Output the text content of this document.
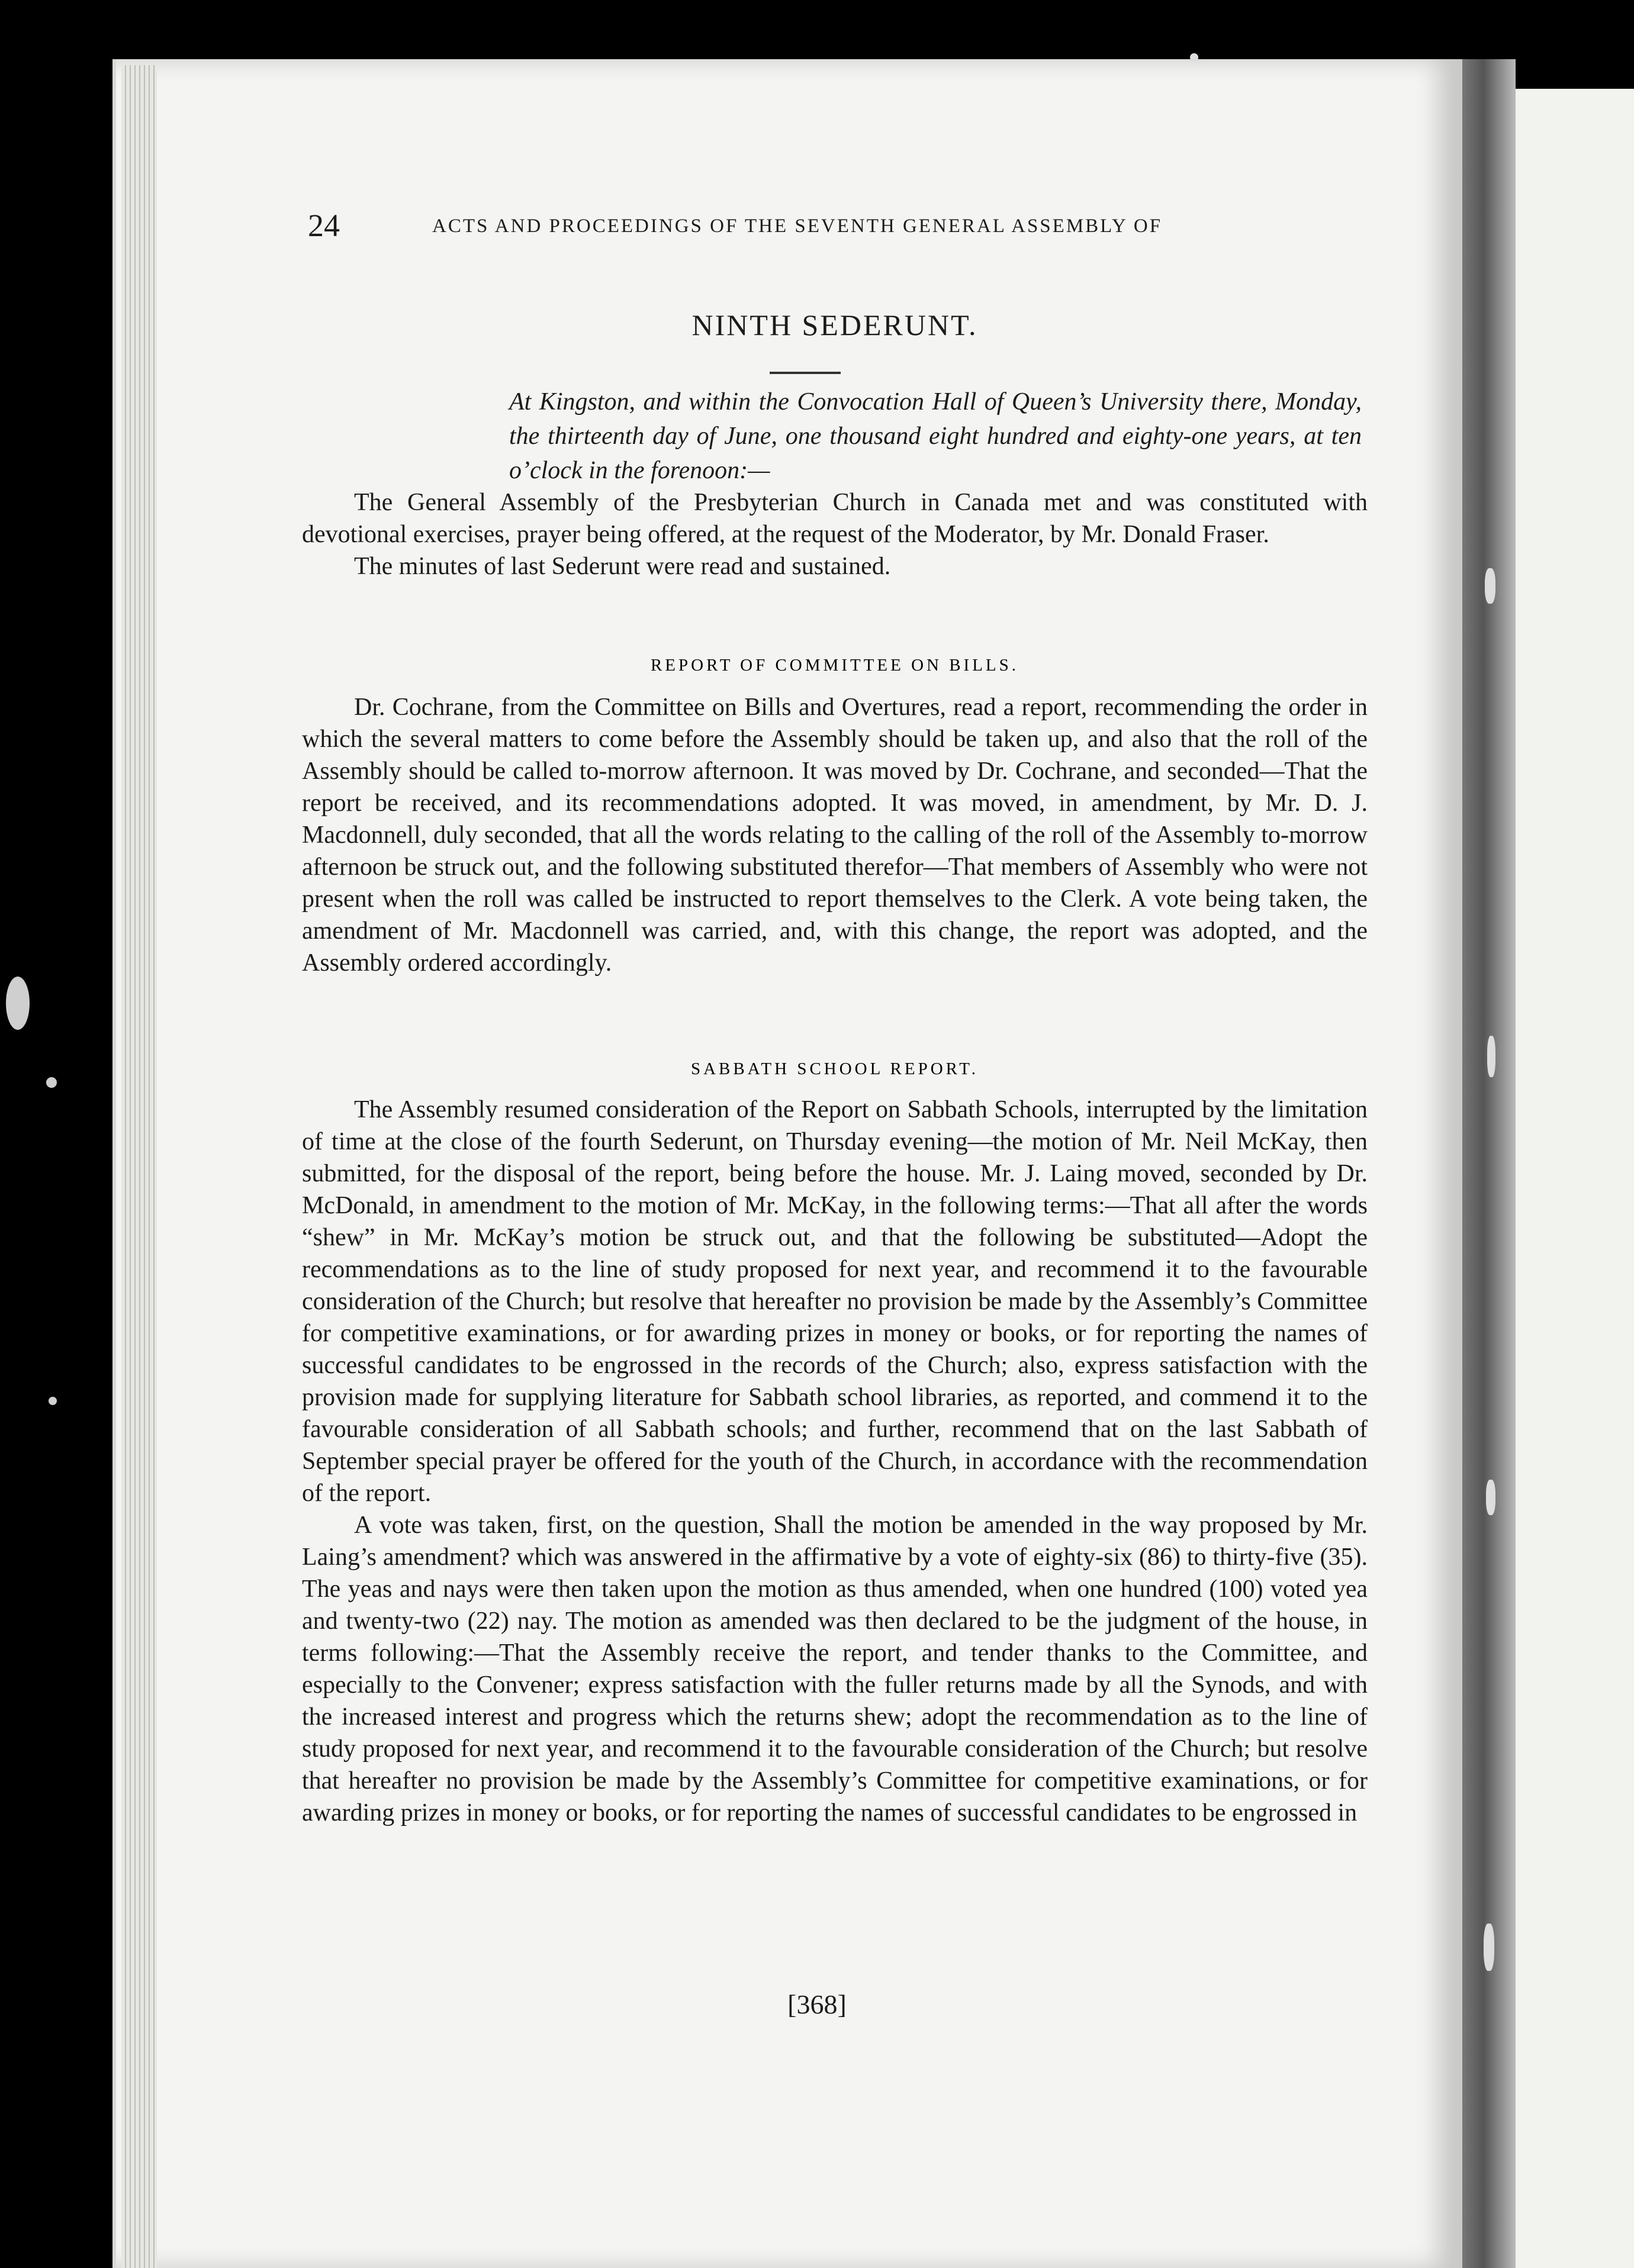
24	ACTS AND PROCEEDINGS OF THE SEVENTH GENERAL ASSEMBLY OF
NINTH SEDERUNT.
At Kingston, and within the Convocation Hall of Queen’s University there, Monday, the thirteenth day of June, one thousand eight hundred and eighty-one years, at ten o’clock in the forenoon:—

The General Assembly of the Presbyterian Church in Canada met and was constituted with devotional exercises, prayer being offered, at the request of the Moderator, by Mr. Donald Fraser.

The minutes of last Sederunt were read and sustained.

REPORT OF COMMITTEE ON BILLS.

Dr. Cochrane, from the Committee on Bills and Overtures, read a report, recommending the order in which the several matters to come before the Assembly should be taken up, and also that the roll of the Assembly should be called to-morrow afternoon. It was moved by Dr. Cochrane, and seconded—That the report be received, and its recommendations adopted. It was moved, in amendment, by Mr. D. J. Macdonnell, duly seconded, that all the words relating to the calling of the roll of the Assembly to-morrow afternoon be struck out, and the following substituted therefor—That members of Assembly who were not present when the roll was called be instructed to report themselves to the Clerk. A vote being taken, the amendment of Mr. Macdonnell was carried, and, with this change, the report was adopted, and the Assembly ordered accordingly.

SABBATH SCHOOL REPORT.

The Assembly resumed consideration of the Report on Sabbath Schools, interrupted by the limitation of time at the close of the fourth Sederunt, on Thursday evening—the motion of Mr. Neil McKay, then submitted, for the disposal of the report, being before the house. Mr. J. Laing moved, seconded by Dr. McDonald, in amendment to the motion of Mr. McKay, in the following terms:—That all after the words “shew” in Mr. McKay’s motion be struck out, and that the following be substituted—Adopt the recommendations as to the line of study proposed for next year, and recommend it to the favourable consideration of the Church; but resolve that hereafter no provision be made by the Assembly’s Committee for competitive examinations, or for awarding prizes in money or books, or for reporting the names of successful candidates to be engrossed in the records of the Church; also, express satisfaction with the provision made for supplying literature for Sabbath school libraries, as reported, and commend it to the favourable consideration of all Sabbath schools; and further, recommend that on the last Sabbath of September special prayer be offered for the youth of the Church, in accordance with the recommendation of the report.

A vote was taken, first, on the question, Shall the motion be amended in the way proposed by Mr. Laing’s amendment? which was answered in the affirmative by a vote of eighty-six (86) to thirty-five (35). The yeas and nays were then taken upon the motion as thus amended, when one hundred (100) voted yea and twenty-two (22) nay. The motion as amended was then declared to be the judgment of the house, in terms following:—That the Assembly receive the report, and tender thanks to the Committee, and especially to the Convener; express satisfaction with the fuller returns made by all the Synods, and with the increased interest and progress which the returns shew; adopt the recommendation as to the line of study proposed for next year, and recommend it to the favourable consideration of the Church; but resolve that hereafter no provision be made by the Assembly’s Committee for competitive examinations, or for awarding prizes in money or books, or for reporting the names of successful candidates to be engrossed in

[368]
